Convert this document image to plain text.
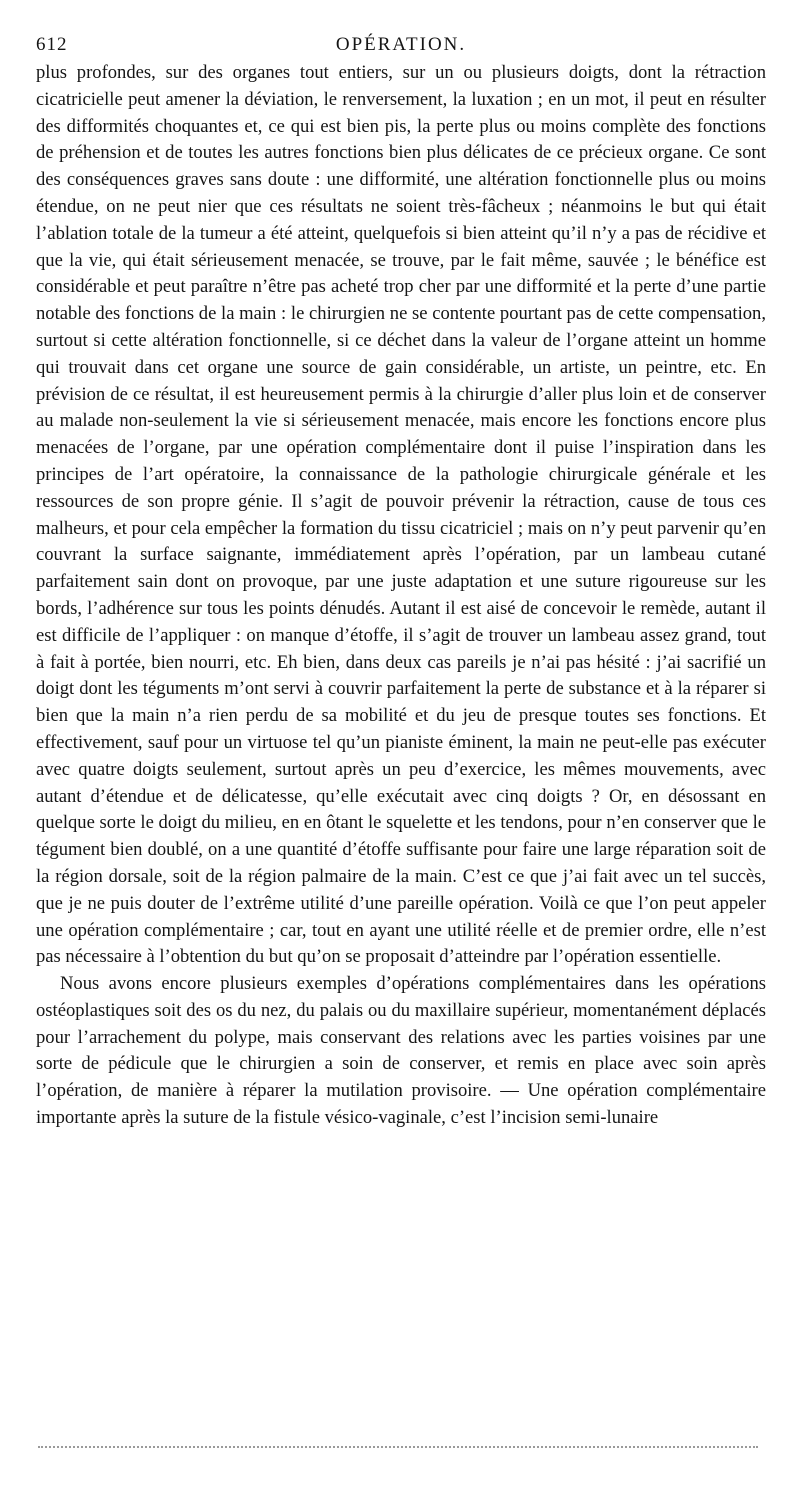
612	OPÉRATION.

plus profondes, sur des organes tout entiers, sur un ou plusieurs doigts, dont la rétraction cicatricielle peut amener la déviation, le renversement, la luxation ; en un mot, il peut en résulter des difformités choquantes et, ce qui est bien pis, la perte plus ou moins complète des fonctions de préhension et de toutes les autres fonctions bien plus délicates de ce précieux organe. Ce sont des conséquences graves sans doute : une difformité, une altération fonctionnelle plus ou moins étendue, on ne peut nier que ces résultats ne soient très-fâcheux ; néanmoins le but qui était l’ablation totale de la tumeur a été atteint, quelquefois si bien atteint qu’il n’y a pas de récidive et que la vie, qui était sérieusement menacée, se trouve, par le fait même, sauvée ; le bénéfice est considérable et peut paraître n’être pas acheté trop cher par une difformité et la perte d’une partie notable des fonctions de la main : le chirurgien ne se contente pourtant pas de cette compensation, surtout si cette altération fonctionnelle, si ce déchet dans la valeur de l’organe atteint un homme qui trouvait dans cet organe une source de gain considérable, un artiste, un peintre, etc. En prévision de ce résultat, il est heureusement permis à la chirurgie d’aller plus loin et de conserver au malade non-seulement la vie si sérieusement menacée, mais encore les fonctions encore plus menacées de l’organe, par une opération complémentaire dont il puise l’inspiration dans les principes de l’art opératoire, la connaissance de la pathologie chirurgicale générale et les ressources de son propre génie. Il s’agit de pouvoir prévenir la rétraction, cause de tous ces malheurs, et pour cela empêcher la formation du tissu cicatriciel ; mais on n’y peut parvenir qu’en couvrant la surface saignante, immédiatement après l’opération, par un lambeau cutané parfaitement sain dont on provoque, par une juste adaptation et une suture rigoureuse sur les bords, l’adhérence sur tous les points dénudés. Autant il est aisé de concevoir le remède, autant il est difficile de l’appliquer : on manque d’étoffe, il s’agit de trouver un lambeau assez grand, tout à fait à portée, bien nourri, etc. Eh bien, dans deux cas pareils je n’ai pas hésité : j’ai sacrifié un doigt dont les téguments m’ont servi à couvrir parfaitement la perte de substance et à la réparer si bien que la main n’a rien perdu de sa mobilité et du jeu de presque toutes ses fonctions. Et effectivement, sauf pour un virtuose tel qu’un pianiste éminent, la main ne peut-elle pas exécuter avec quatre doigts seulement, surtout après un peu d’exercice, les mêmes mouvements, avec autant d’étendue et de délicatesse, qu’elle exécutait avec cinq doigts ? Or, en désossant en quelque sorte le doigt du milieu, en en ôtant le squelette et les tendons, pour n’en conserver que le tégument bien doublé, on a une quantité d’étoffe suffisante pour faire une large réparation soit de la région dorsale, soit de la région palmaire de la main. C’est ce que j’ai fait avec un tel succès, que je ne puis douter de l’extrême utilité d’une pareille opération. Voilà ce que l’on peut appeler une opération complémentaire ; car, tout en ayant une utilité réelle et de premier ordre, elle n’est pas nécessaire à l’obtention du but qu’on se proposait d’atteindre par l’opération essentielle.

Nous avons encore plusieurs exemples d’opérations complémentaires dans les opérations ostéoplastiques soit des os du nez, du palais ou du maxillaire supérieur, momentanément déplacés pour l’arrachement du polype, mais conservant des relations avec les parties voisines par une sorte de pédicule que le chirurgien a soin de conserver, et remis en place avec soin après l’opération, de manière à réparer la mutilation provisoire. — Une opération complémentaire importante après la suture de la fistule vésico-vaginale, c’est l’incision semi-lunaire
